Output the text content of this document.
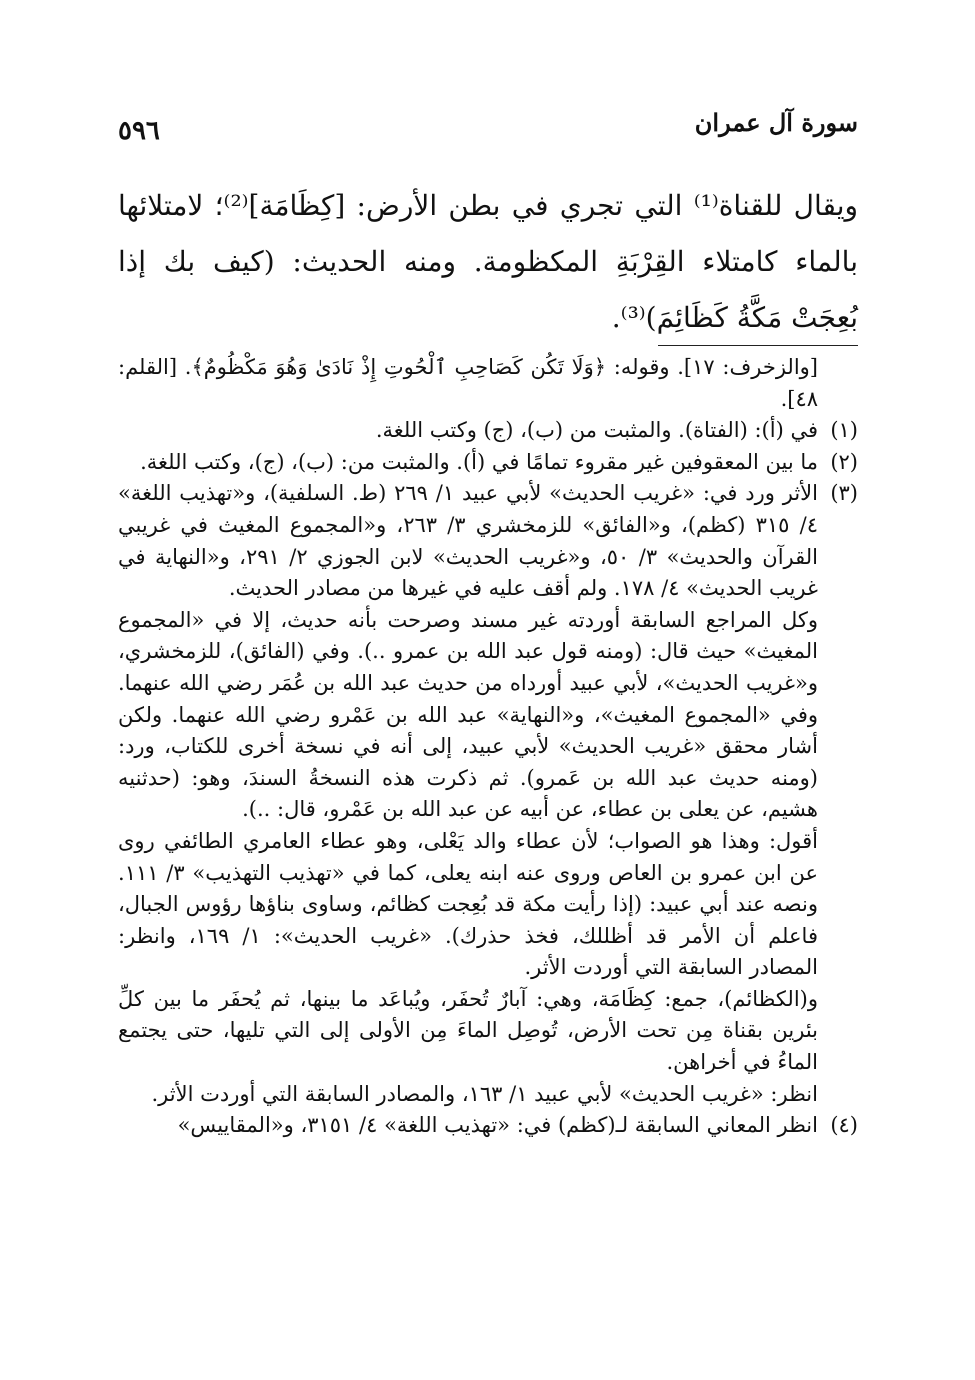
سورة آل عمران
٥٩٦

ويقال للقناة⁽¹⁾ التي تجري في بطن الأرض: [كِظَامَة]⁽²⁾؛ لامتلائها بالماء كامتلاء القِرْبَةِ المكظومة. ومنه الحديث: (كيف بك إذا بُعِجَتْ مَكَّةُ كَظَائِمَ)⁽³⁾.

[والزخرف: ١٧]. وقوله: ﴿وَلَا تَكُن كَصَاحِبِ ٱلْحُوتِ إِذْ نَادَىٰ وَهُوَ مَكْظُومٌ﴾. [القلم: ٤٨].

(١)

في (أ): (الفتاة). والمثبت من (ب)، (ج) وكتب اللغة.

(٢)

ما بين المعقوفين غير مقروء تمامًا في (أ). والمثبت من: (ب)، (ج)، وكتب اللغة.

(٣)

الأثر ورد في: «غريب الحديث» لأبي عبيد ١/ ٢٦٩ (ط. السلفية)، و«تهذيب اللغة» ٤/ ٣١٥ (كظم)، و«الفائق» للزمخشري ٣/ ٢٦٣، و«المجموع المغيث في غريبي القرآن والحديث» ٣/ ٥٠، و«غريب الحديث» لابن الجوزي ٢/ ٢٩١، و«النهاية في غريب الحديث» ٤/ ١٧٨. ولم أقف عليه في غيرها من مصادر الحديث.

وكل المراجع السابقة أوردته غير مسند وصرحت بأنه حديث، إلا في «المجموع المغيث» حيث قال: (ومنه قول عبد الله بن عمرو ..). وفي (الفائق)، للزمخشري، و«غريب الحديث»، لأبي عبيد أورداه من حديث عبد الله بن عُمَر رضي الله عنهما. وفي «المجموع المغيث»، و«النهاية» عبد الله بن عَمْرو رضي الله عنهما. ولكن أشار محقق «غريب الحديث» لأبي عبيد، إلى أنه في نسخة أخرى للكتاب، ورد: (ومنه حديث عبد الله بن عَمرو). ثم ذكرت هذه النسخةُ السندَ، وهو: (حدثنيه هشيم، عن يعلى بن عطاء، عن أبيه عن عبد الله بن عَمْرو، قال: ..).

أقول: وهذا هو الصواب؛ لأن عطاء والد يَعْلى، وهو عطاء العامري الطائفي روى عن ابن عمرو بن العاص وروى عنه ابنه يعلى، كما في «تهذيب التهذيب» ٣/ ١١١. ونصه عند أبي عبيد: (إذا رأيت مكة قد بُعِجت كظائم، وساوى بناؤها رؤوس الجبال، فاعلم أن الأمر قد أظللك، فخذ حذرك). «غريب الحديث»: ١/ ١٦٩، وانظر: المصادر السابقة التي أوردت الأثر.

و(الكظائم)، جمع: كِظَامَة، وهي: آبارٌ تُحفَر، ويُباعَد ما بينها، ثم يُحفَر ما بين كلِّ بئرين بقناة مِن تحت الأرض، تُوصِل الماءَ مِن الأولى إلى التي تليها، حتى يجتمع الماءُ في أخراهن.

انظر: «غريب الحديث» لأبي عبيد ١/ ١٦٣، والمصادر السابقة التي أوردت الأثر.

(٤)

انظر المعاني السابقة لـ(كظم) في: «تهذيب اللغة» ٤/ ٣١٥١، و«المقاييس»
